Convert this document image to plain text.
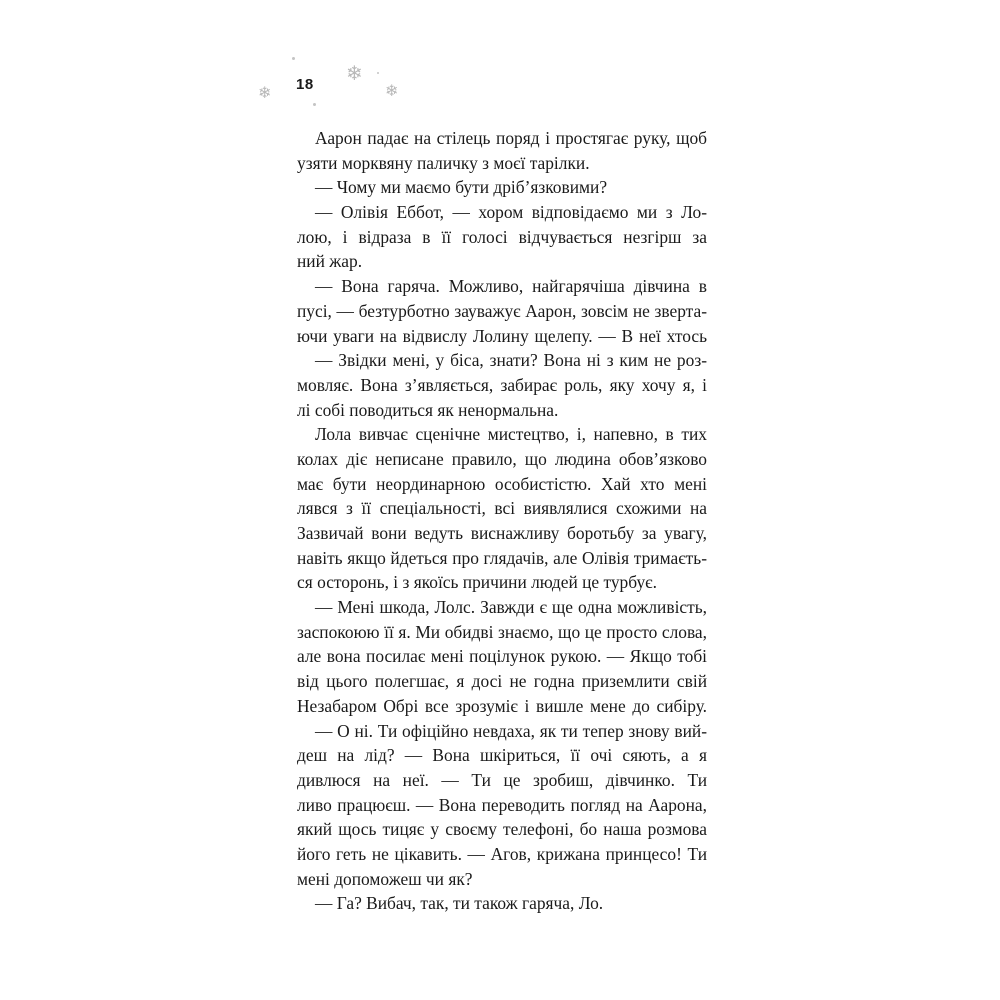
❄
❄
❄
18
Аарон падає на стілець поряд і простягає руку, щоб
узяти морквяну паличку з моєї тарілки.
— Чому ми маємо бути дріб’язковими?
— Олівія Еббот, — хором відповідаємо ми з Ло-
лою, і відраза в її голосі відчувається незгірш за
ний жар.
— Вона гаряча. Можливо, найгарячіша дівчина в
пусі, — безтурботно зауважує Аарон, зовсім не зверта-
ючи уваги на відвислу Лолину щелепу. — В неї хтось
— Звідки мені, у біса, знати? Вона ні з ким не роз-
мовляє. Вона з’являється, забирає роль, яку хочу я, і
лі собі поводиться як ненормальна.
Лола вивчає сценічне мистецтво, і, напевно, в тих
колах діє неписане правило, що людина обов’язково
має бути неординарною особистістю. Хай хто мені
лявся з її спеціальності, всі виявлялися схожими на
Зазвичай вони ведуть виснажливу боротьбу за увагу,
навіть якщо йдеться про глядачів, але Олівія тримаєть-
ся осторонь, і з якоїсь причини людей це турбує.
— Мені шкода, Лолс. Завжди є ще одна можливість,
заспокоюю її я. Ми обидві знаємо, що це просто слова,
але вона посилає мені поцілунок рукою. — Якщо тобі
від цього полегшає, я досі не годна приземлити свій
Незабаром Обрі все зрозуміє і вишле мене до сибіру.
— О ні. Ти офіційно невдаха, як ти тепер знову вий-
деш на лід? — Вона шкіриться, її очі сяють, а я
дивлюся на неї. — Ти це зробиш, дівчинко. Ти
ливо працюєш. — Вона переводить погляд на Аарона,
який щось тицяє у своєму телефоні, бо наша розмова
його геть не цікавить. — Агов, крижана принцесо! Ти
мені допоможеш чи як?
— Га? Вибач, так, ти також гаряча, Ло.
